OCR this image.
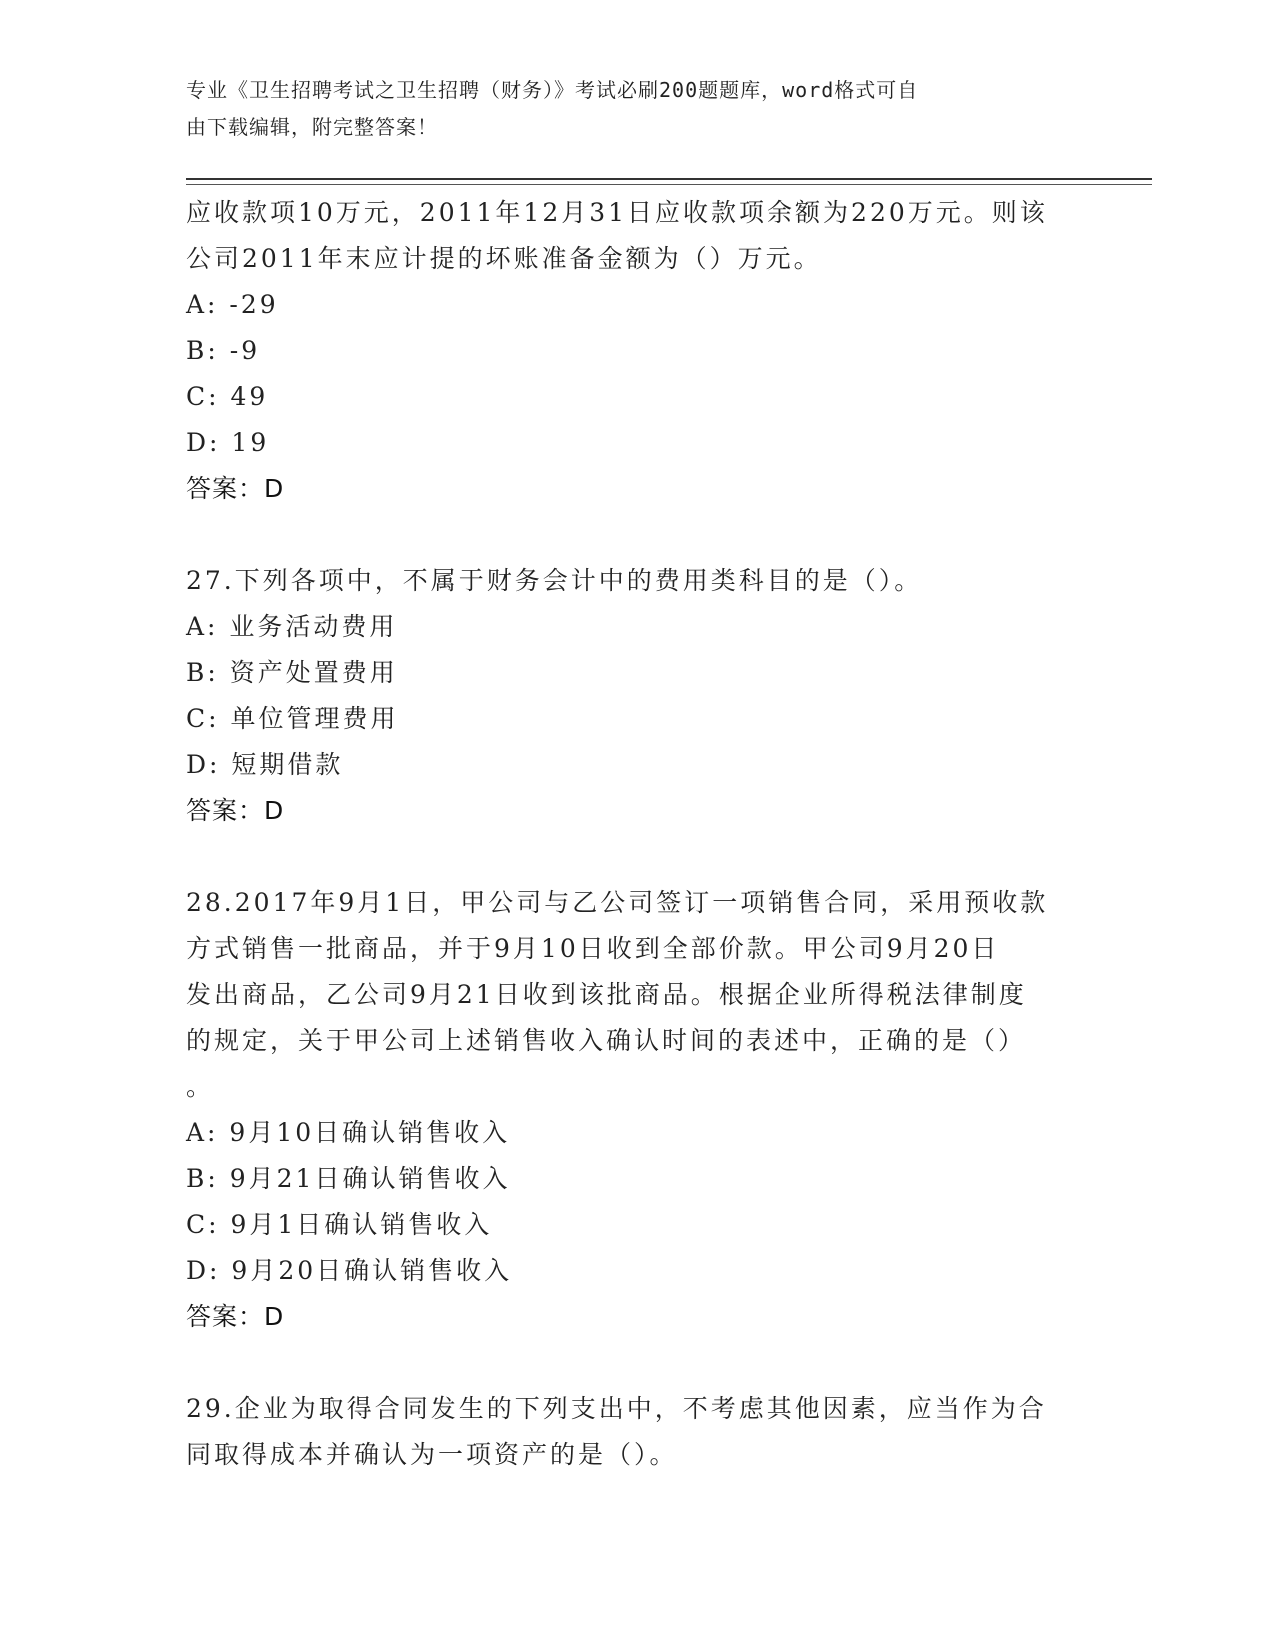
专业《卫生招聘考试之卫生招聘（财务）》考试必刷200题题库，word格式可自
由下载编辑，附完整答案！
应收款项10万元，2011年12月31日应收款项余额为220万元。则该
公司2011年末应计提的坏账准备金额为（）万元。
A: -29
B: -9
C: 49
D: 19
答案：D
27.下列各项中，不属于财务会计中的费用类科目的是（）。
A: 业务活动费用
B: 资产处置费用
C: 单位管理费用
D: 短期借款
答案：D
28.2017年9月1日，甲公司与乙公司签订一项销售合同，采用预收款
方式销售一批商品，并于9月10日收到全部价款。甲公司9月20日
发出商品，乙公司9月21日收到该批商品。根据企业所得税法律制度
的规定，关于甲公司上述销售收入确认时间的表述中，正确的是（）
。
A: 9月10日确认销售收入
B: 9月21日确认销售收入
C: 9月1日确认销售收入
D: 9月20日确认销售收入
答案：D
29.企业为取得合同发生的下列支出中，不考虑其他因素，应当作为合
同取得成本并确认为一项资产的是（）。
